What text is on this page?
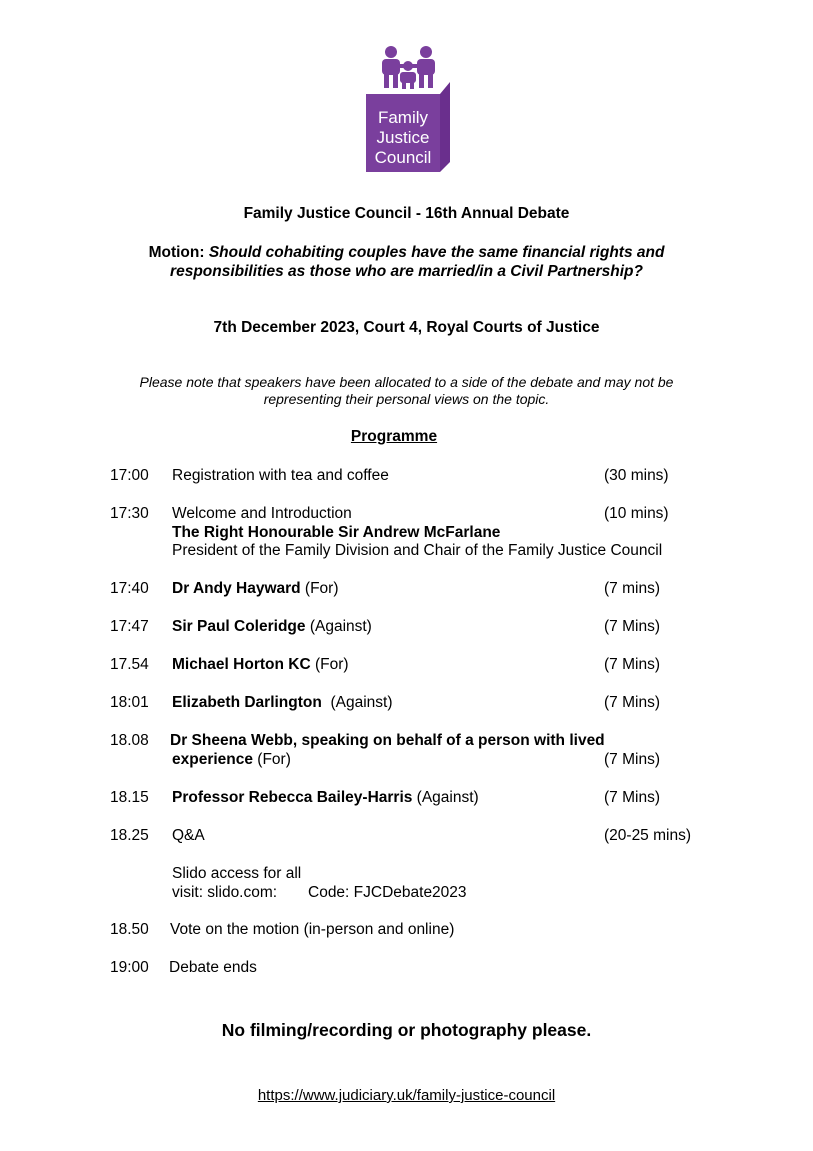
Family
Justice
Council
Family Justice Council - 16th Annual Debate
Motion: Should cohabiting couples have the same financial rights and responsibilities as those who are married/in a Civil Partnership?
7th December 2023, Court 4, Royal Courts of Justice
Please note that speakers have been allocated to a side of the debate and may not be representing their personal views on the topic.
Programme
17:00 Registration with tea and coffee	(30 mins)
17:30 Welcome and Introduction	(10 mins)
The Right Honourable Sir Andrew McFarlane
President of the Family Division and Chair of the Family Justice Council
17:40 Dr Andy Hayward (For)	(7 mins)
17:47 Sir Paul Coleridge (Against)	(7 Mins)
17.54 Michael Horton KC (For)	(7 Mins)
18:01 Elizabeth Darlington  (Against)	(7 Mins)
18.08 Dr Sheena Webb, speaking on behalf of a person with lived
experience (For)	(7 Mins)
18.15 Professor Rebecca Bailey-Harris (Against)	(7 Mins)
18.25 Q&A	(20-25 mins)
Slido access for all
visit: slido.com: Code: FJCDebate2023
18.50 Vote on the motion (in-person and online)
19:00 Debate ends
No filming/recording or photography please.
https://www.judiciary.uk/family-justice-council
